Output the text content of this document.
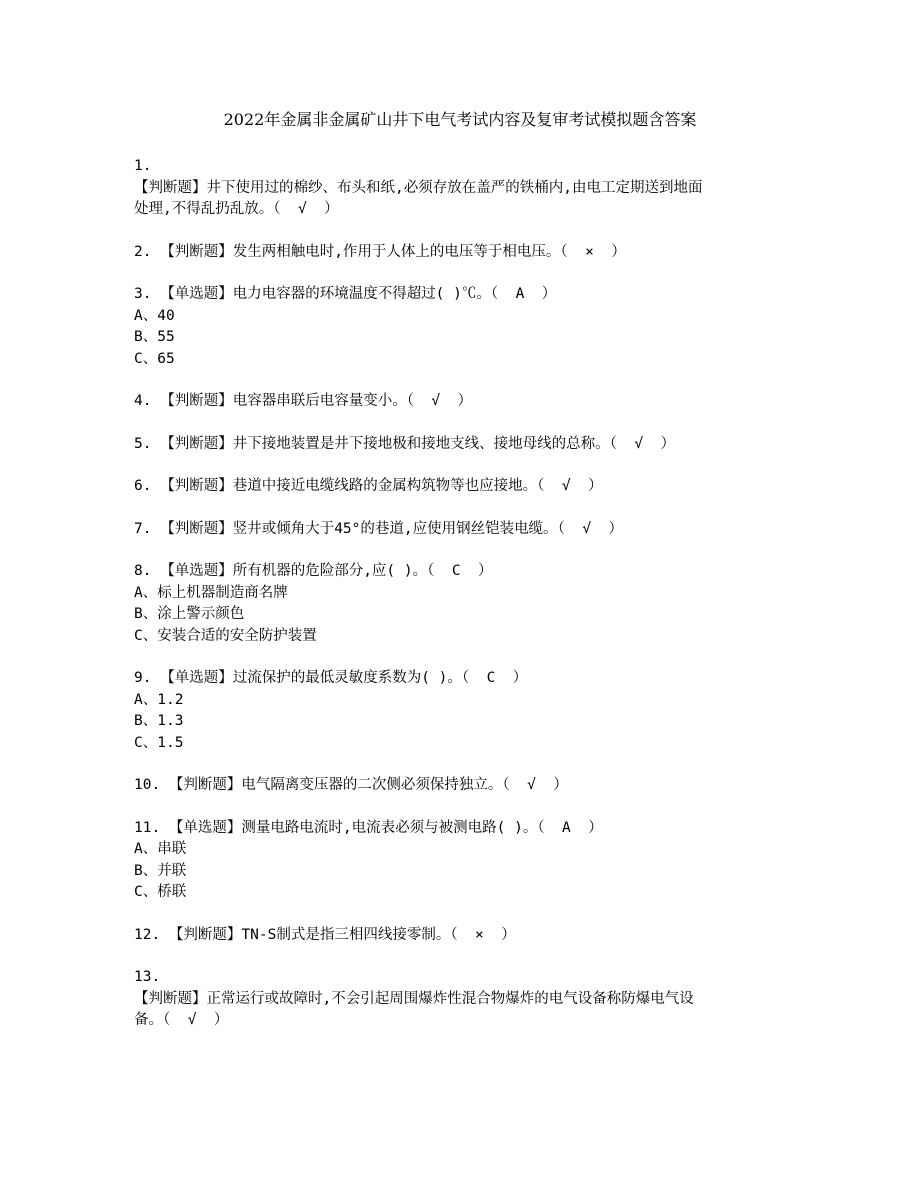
2022年金属非金属矿山井下电气考试内容及复审考试模拟题含答案
1.
【判断题】井下使用过的棉纱、布头和纸,必须存放在盖严的铁桶内,由电工定期送到地面
处理,不得乱扔乱放。（  √  ）
2. 【判断题】发生两相触电时,作用于人体上的电压等于相电压。（  ×  ）
3. 【单选题】电力电容器的环境温度不得超过( )℃。（  A  ）
A、40
B、55
C、65
4. 【判断题】电容器串联后电容量变小。（  √  ）
5. 【判断题】井下接地装置是井下接地极和接地支线、接地母线的总称。（  √  ）
6. 【判断题】巷道中接近电缆线路的金属构筑物等也应接地。（  √  ）
7. 【判断题】竖井或倾角大于45°的巷道,应使用钢丝铠装电缆。（  √  ）
8. 【单选题】所有机器的危险部分,应( )。（  C  ）
A、标上机器制造商名牌
B、涂上警示颜色
C、安装合适的安全防护装置
9. 【单选题】过流保护的最低灵敏度系数为( )。（  C  ）
A、1.2
B、1.3
C、1.5
10. 【判断题】电气隔离变压器的二次侧必须保持独立。（  √  ）
11. 【单选题】测量电路电流时,电流表必须与被测电路( )。（  A  ）
A、串联
B、并联
C、桥联
12. 【判断题】TN-S制式是指三相四线接零制。（  ×  ）
13.
【判断题】正常运行或故障时,不会引起周围爆炸性混合物爆炸的电气设备称防爆电气设
备。（  √  ）
